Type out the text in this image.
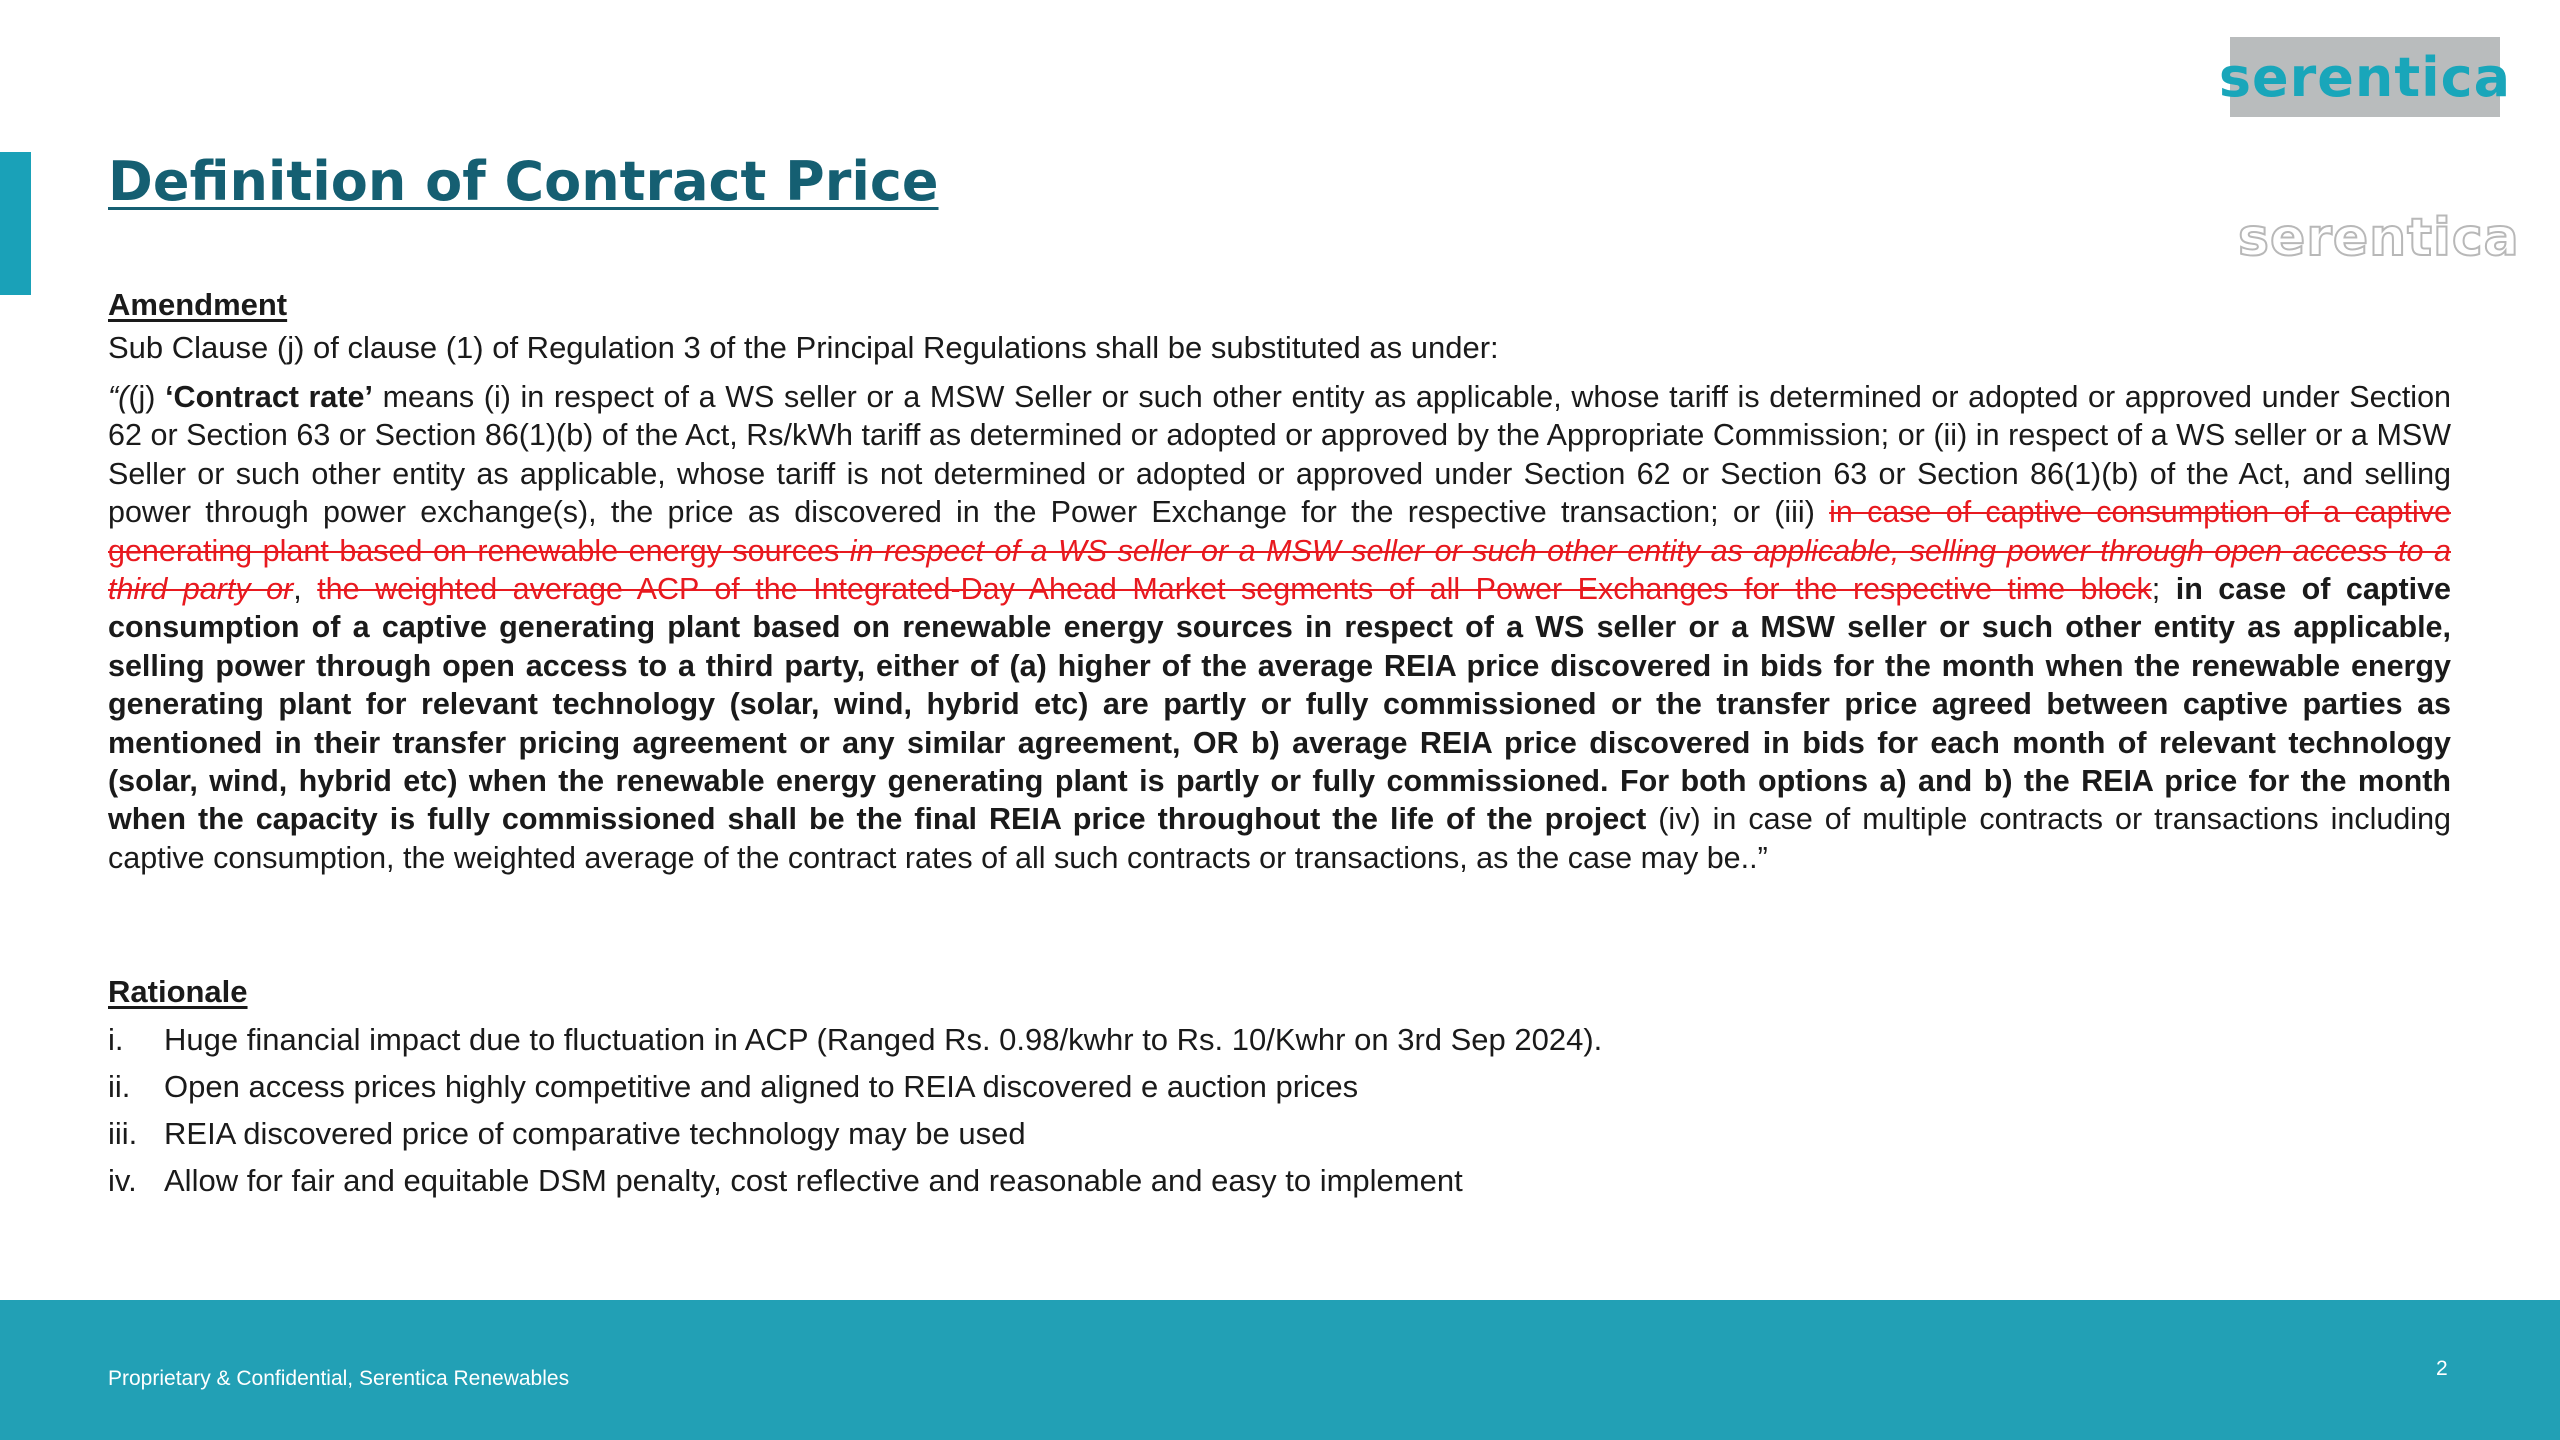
serentica
serentica
Definition of Contract Price
Amendment
Sub Clause (j) of clause (1) of Regulation 3 of the Principal Regulations shall be substituted as under:
“((j) ‘Contract rate’ means (i) in respect of a WS seller or a MSW Seller or such other entity as applicable, whose tariff is determined or adopted or approved under Section 62 or Section 63 or Section 86(1)(b) of the Act, Rs/kWh tariff as determined or adopted or approved by the Appropriate Commission; or (ii) in respect of a WS seller or a MSW Seller or such other entity as applicable, whose tariff is not determined or adopted or approved under Section 62 or Section 63 or Section 86(1)(b) of the Act, and selling power through power exchange(s), the price as discovered in the Power Exchange for the respective transaction; or (iii) in case of captive consumption of a captive generating plant based on renewable energy sources in respect of a WS seller or a MSW seller or such other entity as applicable, selling power through open access to a third party or, the weighted average ACP of the Integrated-Day Ahead Market segments of all Power Exchanges for the respective time block; in case of captive consumption of a captive generating plant based on renewable energy sources in respect of a WS seller or a MSW seller or such other entity as applicable, selling power through open access to a third party, either of (a) higher of the average REIA price discovered in bids for the month when the renewable energy generating plant for relevant technology (solar, wind, hybrid etc) are partly or fully commissioned or the transfer price agreed between captive parties as mentioned in their transfer pricing agreement or any similar agreement, OR b) average REIA price discovered in bids for each month of relevant technology (solar, wind, hybrid etc) when the renewable energy generating plant is partly or fully commissioned. For both options a) and b) the REIA price for the month when the capacity is fully commissioned shall be the final REIA price throughout the life of the project (iv) in case of multiple contracts or transactions including captive consumption, the weighted average of the contract rates of all such contracts or transactions, as the case may be..”
Rationale
i. Huge financial impact due to fluctuation in ACP (Ranged Rs. 0.98/kwhr to Rs. 10/Kwhr on 3rd Sep 2024).
ii. Open access prices highly competitive and aligned to REIA discovered e auction prices
iii. REIA discovered price of comparative technology may be used
iv. Allow for fair and equitable DSM penalty, cost reflective and reasonable and easy to implement
Proprietary & Confidential, Serentica Renewables	2
